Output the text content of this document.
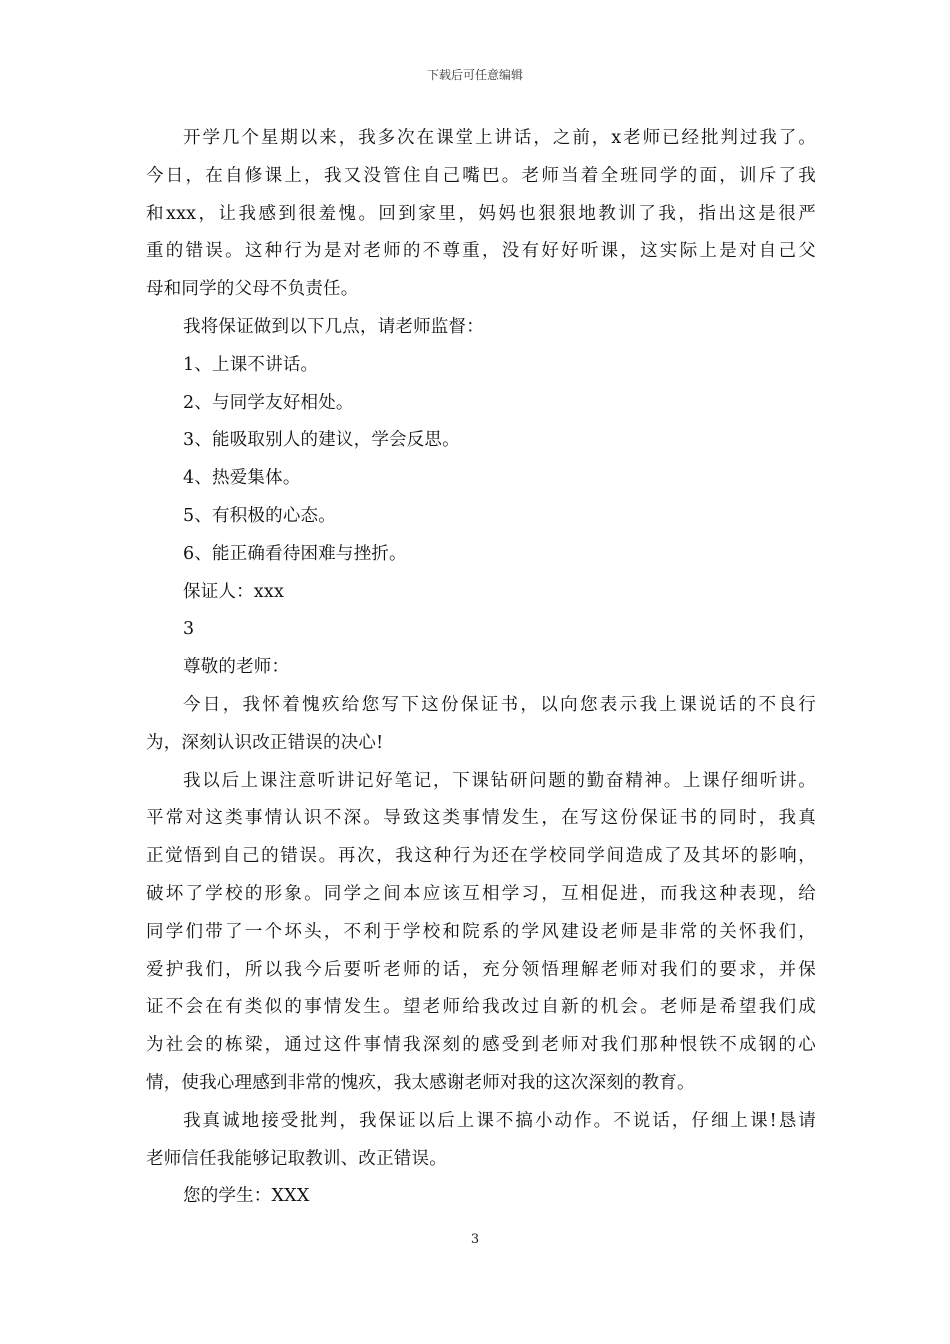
下载后可任意编辑
开学几个星期以来，我多次在课堂上讲话，之前，x老师已经批判过我了。
今日，在自修课上，我又没管住自己嘴巴。老师当着全班同学的面，训斥了我
和xxx，让我感到很羞愧。回到家里，妈妈也狠狠地教训了我，指出这是很严
重的错误。这种行为是对老师的不尊重，没有好好听课，这实际上是对自己父
母和同学的父母不负责任。
我将保证做到以下几点，请老师监督：
1、上课不讲话。
2、与同学友好相处。
3、能吸取别人的建议，学会反思。
4、热爱集体。
5、有积极的心态。
6、能正确看待困难与挫折。
保证人：xxx
3
尊敬的老师：
今日，我怀着愧疚给您写下这份保证书，以向您表示我上课说话的不良行
为，深刻认识改正错误的决心!
我以后上课注意听讲记好笔记，下课钻研问题的勤奋精神。上课仔细听讲。
平常对这类事情认识不深。导致这类事情发生，在写这份保证书的同时，我真
正觉悟到自己的错误。再次，我这种行为还在学校同学间造成了及其坏的影响，
破坏了学校的形象。同学之间本应该互相学习，互相促进，而我这种表现，给
同学们带了一个坏头，不利于学校和院系的学风建设老师是非常的关怀我们，
爱护我们，所以我今后要听老师的话，充分领悟理解老师对我们的要求，并保
证不会在有类似的事情发生。望老师给我改过自新的机会。老师是希望我们成
为社会的栋梁，通过这件事情我深刻的感受到老师对我们那种恨铁不成钢的心
情，使我心理感到非常的愧疚，我太感谢老师对我的这次深刻的教育。
我真诚地接受批判，我保证以后上课不搞小动作。不说话，仔细上课!恳请
老师信任我能够记取教训、改正错误。
您的学生：XXX
3
